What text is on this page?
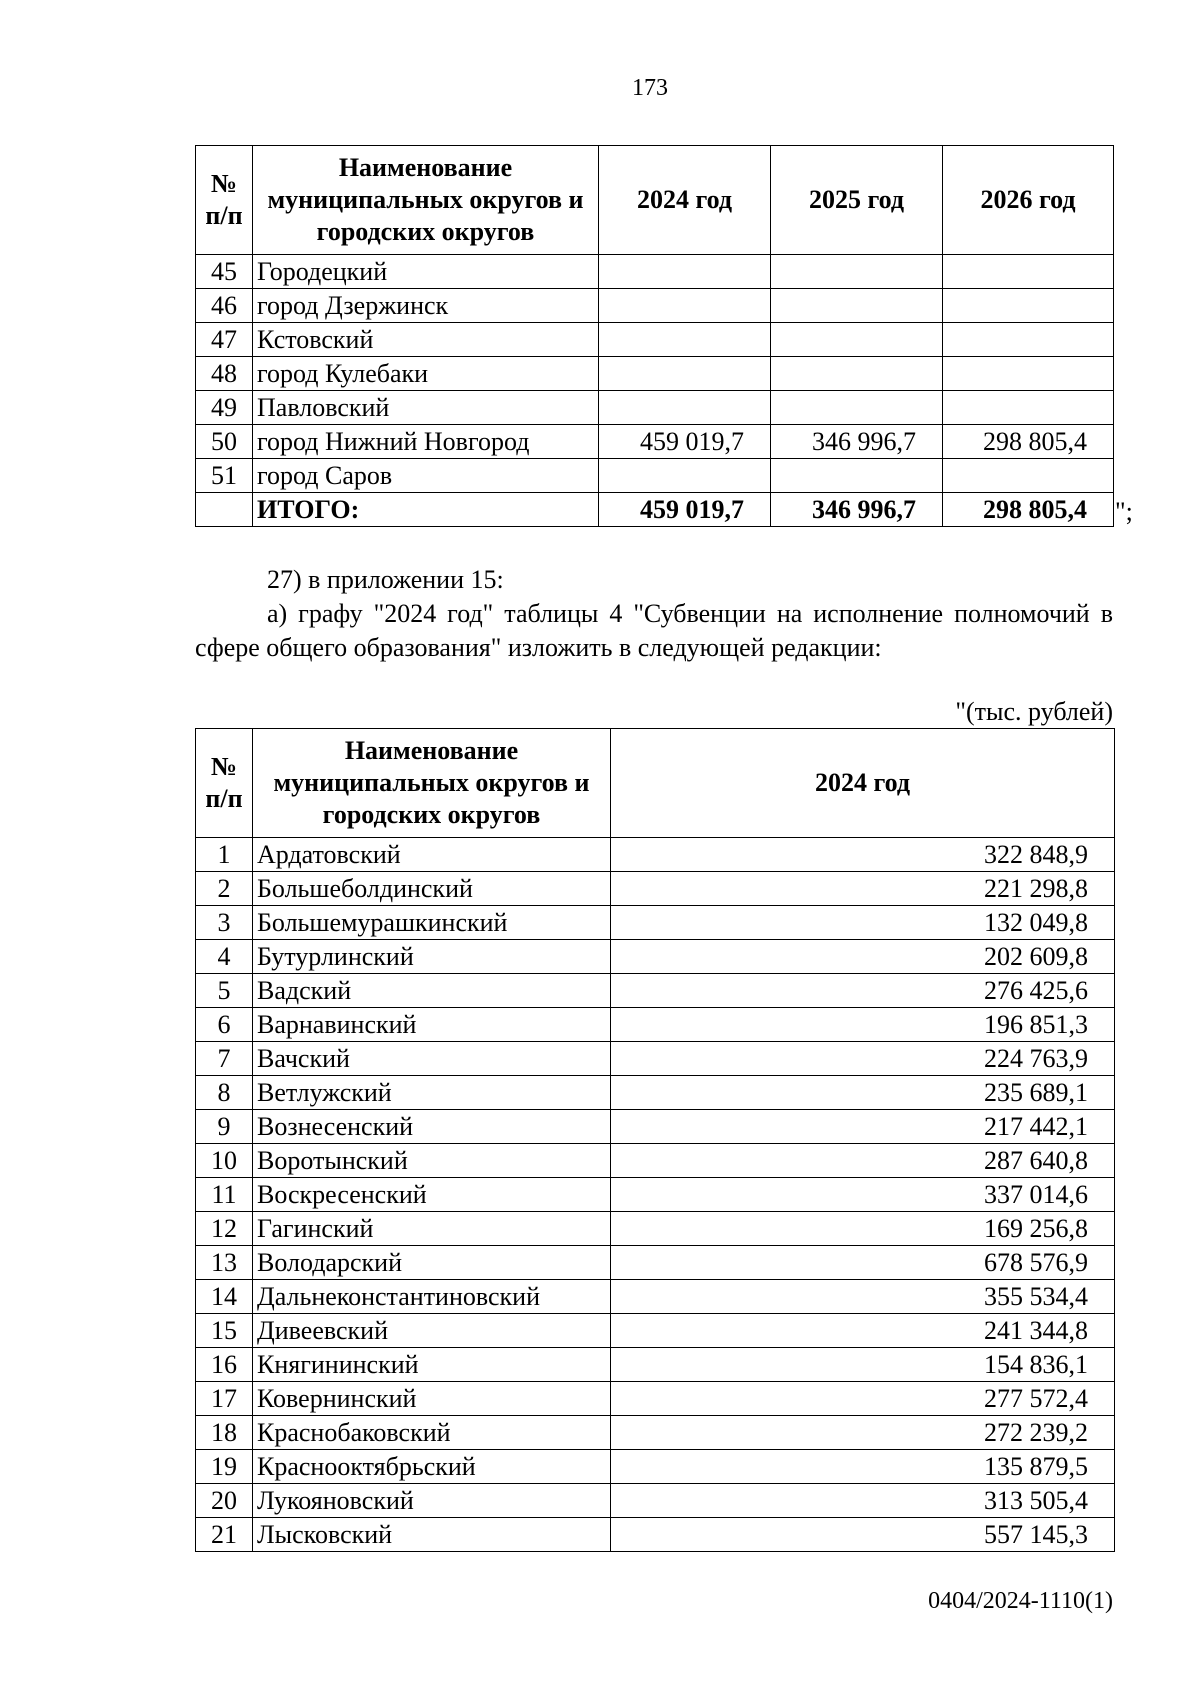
173
№ п/п	Наименование муниципальных округов и городских округов	2024 год	2025 год	2026 год
45	Городецкий			
46	город Дзержинск			
47	Кстовский			
48	город Кулебаки			
49	Павловский			
50	город Нижний Новгород	459 019,7	346 996,7	298 805,4
51	город Саров			
	ИТОГО:	459 019,7	346 996,7	298 805,4 ";
27) в приложении 15:
а) графу "2024 год" таблицы 4 "Субвенции на исполнение полномочий в сфере общего образования" изложить в следующей редакции:
"(тыс. рублей)
№ п/п	Наименование муниципальных округов и городских округов	2024 год
1	Ардатовский	322 848,9
2	Большеболдинский	221 298,8
3	Большемурашкинский	132 049,8
4	Бутурлинский	202 609,8
5	Вадский	276 425,6
6	Варнавинский	196 851,3
7	Вачский	224 763,9
8	Ветлужский	235 689,1
9	Вознесенский	217 442,1
10	Воротынский	287 640,8
11	Воскресенский	337 014,6
12	Гагинский	169 256,8
13	Володарский	678 576,9
14	Дальнеконстантиновский	355 534,4
15	Дивеевский	241 344,8
16	Княгининский	154 836,1
17	Ковернинский	277 572,4
18	Краснобаковский	272 239,2
19	Краснооктябрьский	135 879,5
20	Лукояновский	313 505,4
21	Лысковский	557 145,3
0404/2024-1110(1)
